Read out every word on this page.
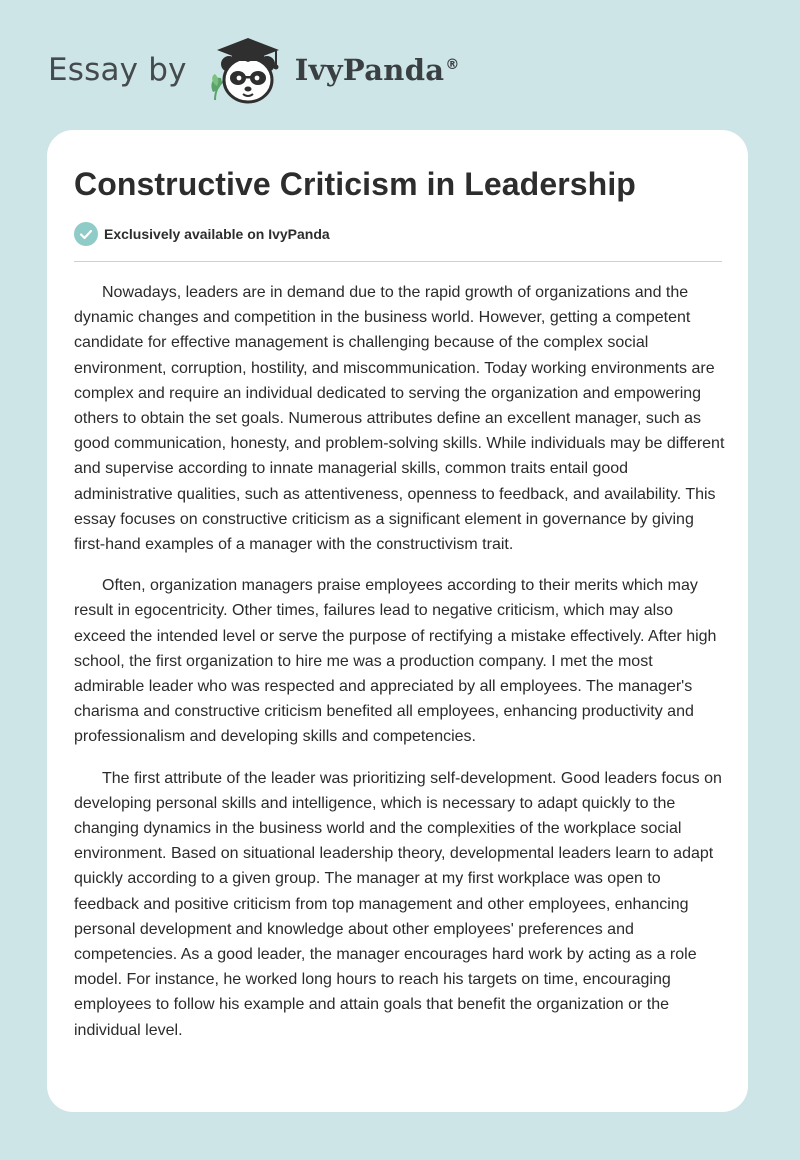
Essay by	IvyPanda®
Constructive Criticism in Leadership
Exclusively available on IvyPanda

Nowadays, leaders are in demand due to the rapid growth of organizations and the dynamic changes and competition in the business world. However, getting a competent candidate for effective management is challenging because of the complex social environment, corruption, hostility, and miscommunication. Today working environments are complex and require an individual dedicated to serving the organization and empowering others to obtain the set goals. Numerous attributes define an excellent manager, such as good communication, honesty, and problem-solving skills. While individuals may be different and supervise according to innate managerial skills, common traits entail good administrative qualities, such as attentiveness, openness to feedback, and availability. This essay focuses on constructive criticism as a significant element in governance by giving first-hand examples of a manager with the constructivism trait.

Often, organization managers praise employees according to their merits which may result in egocentricity. Other times, failures lead to negative criticism, which may also exceed the intended level or serve the purpose of rectifying a mistake effectively. After high school, the first organization to hire me was a production company. I met the most admirable leader who was respected and appreciated by all employees. The manager's charisma and constructive criticism benefited all employees, enhancing productivity and professionalism and developing skills and competencies.

The first attribute of the leader was prioritizing self-development. Good leaders focus on developing personal skills and intelligence, which is necessary to adapt quickly to the changing dynamics in the business world and the complexities of the workplace social environment. Based on situational leadership theory, developmental leaders learn to adapt quickly according to a given group. The manager at my first workplace was open to feedback and positive criticism from top management and other employees, enhancing personal development and knowledge about other employees' preferences and competencies. As a good leader, the manager encourages hard work by acting as a role model. For instance, he worked long hours to reach his targets on time, encouraging employees to follow his example and attain goals that benefit the organization or the individual level.
